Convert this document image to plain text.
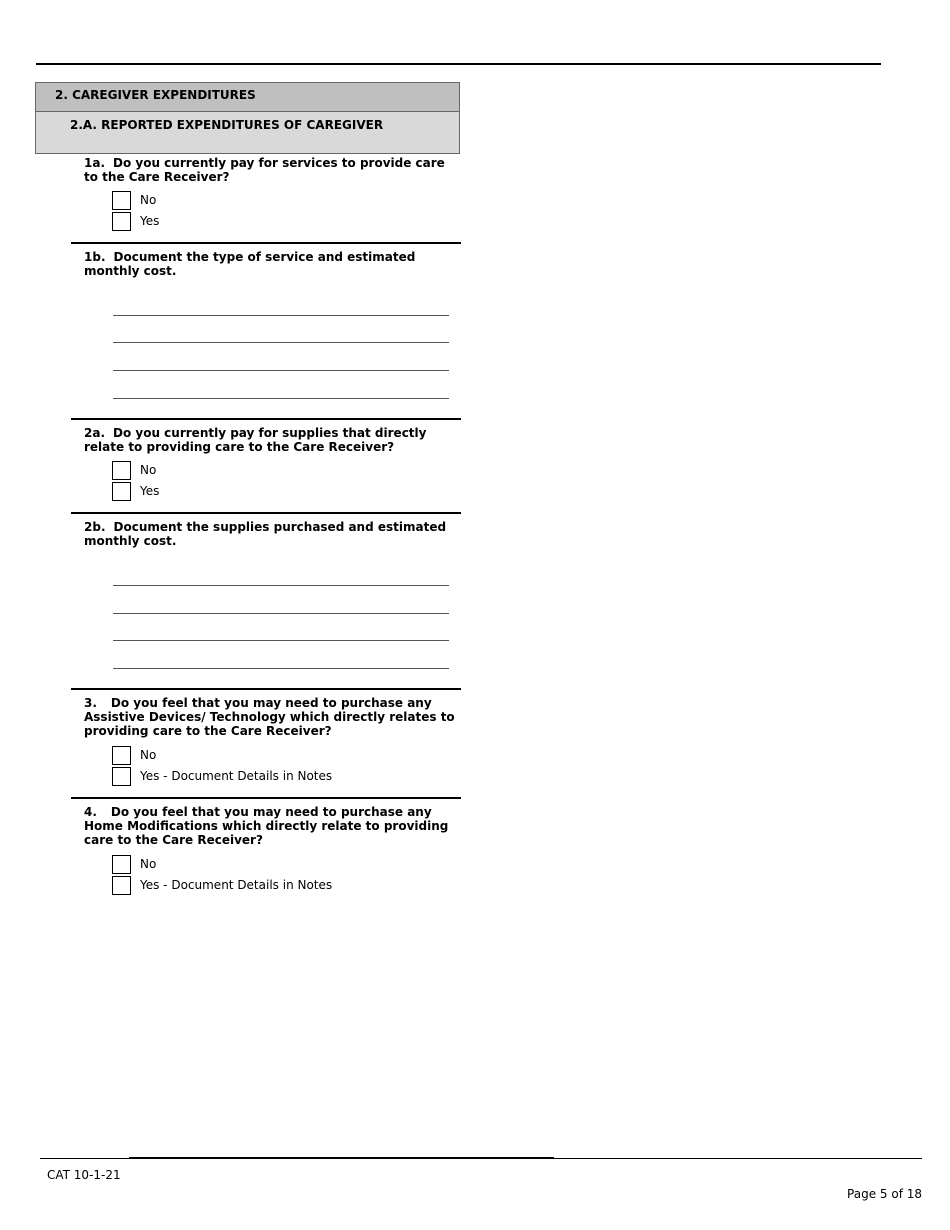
2. CAREGIVER EXPENDITURES
2.A. REPORTED EXPENDITURES OF CAREGIVER
1a. Do you currently pay for services to provide care to the Care Receiver?
No
Yes
1b. Document the type of service and estimated monthly cost.
2a. Do you currently pay for supplies that directly relate to providing care to the Care Receiver?
No
Yes
2b. Document the supplies purchased and estimated monthly cost.
3. Do you feel that you may need to purchase any Assistive Devices/ Technology which directly relates to providing care to the Care Receiver?
No
Yes - Document Details in Notes
4. Do you feel that you may need to purchase any Home Modifications which directly relate to providing care to the Care Receiver?
No
Yes - Document Details in Notes
CAT 10-1-21
Page 5 of 18
